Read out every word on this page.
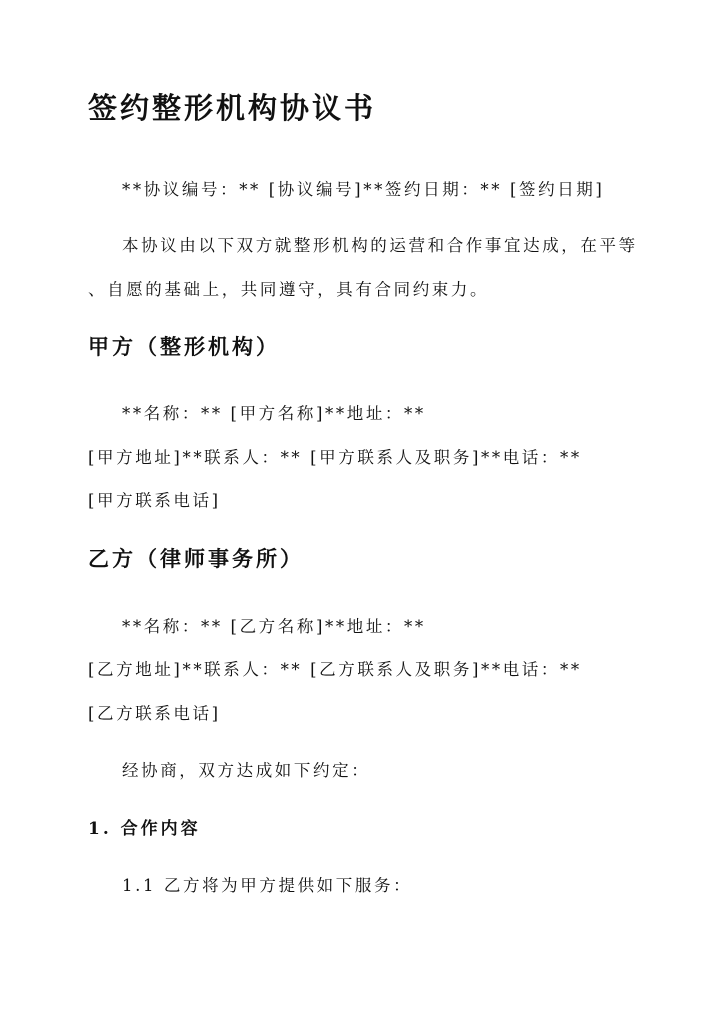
签约整形机构协议书
**协议编号：** [协议编号]**签约日期：** [签约日期]
本协议由以下双方就整形机构的运营和合作事宜达成，在平等
、自愿的基础上，共同遵守，具有合同约束力。
甲方（整形机构）
**名称：** [甲方名称]**地址：**
[甲方地址]**联系人：** [甲方联系人及职务]**电话：**
[甲方联系电话]
乙方（律师事务所）
**名称：** [乙方名称]**地址：**
[乙方地址]**联系人：** [乙方联系人及职务]**电话：**
[乙方联系电话]
经协商，双方达成如下约定：
1. 合作内容
1.1 乙方将为甲方提供如下服务：
